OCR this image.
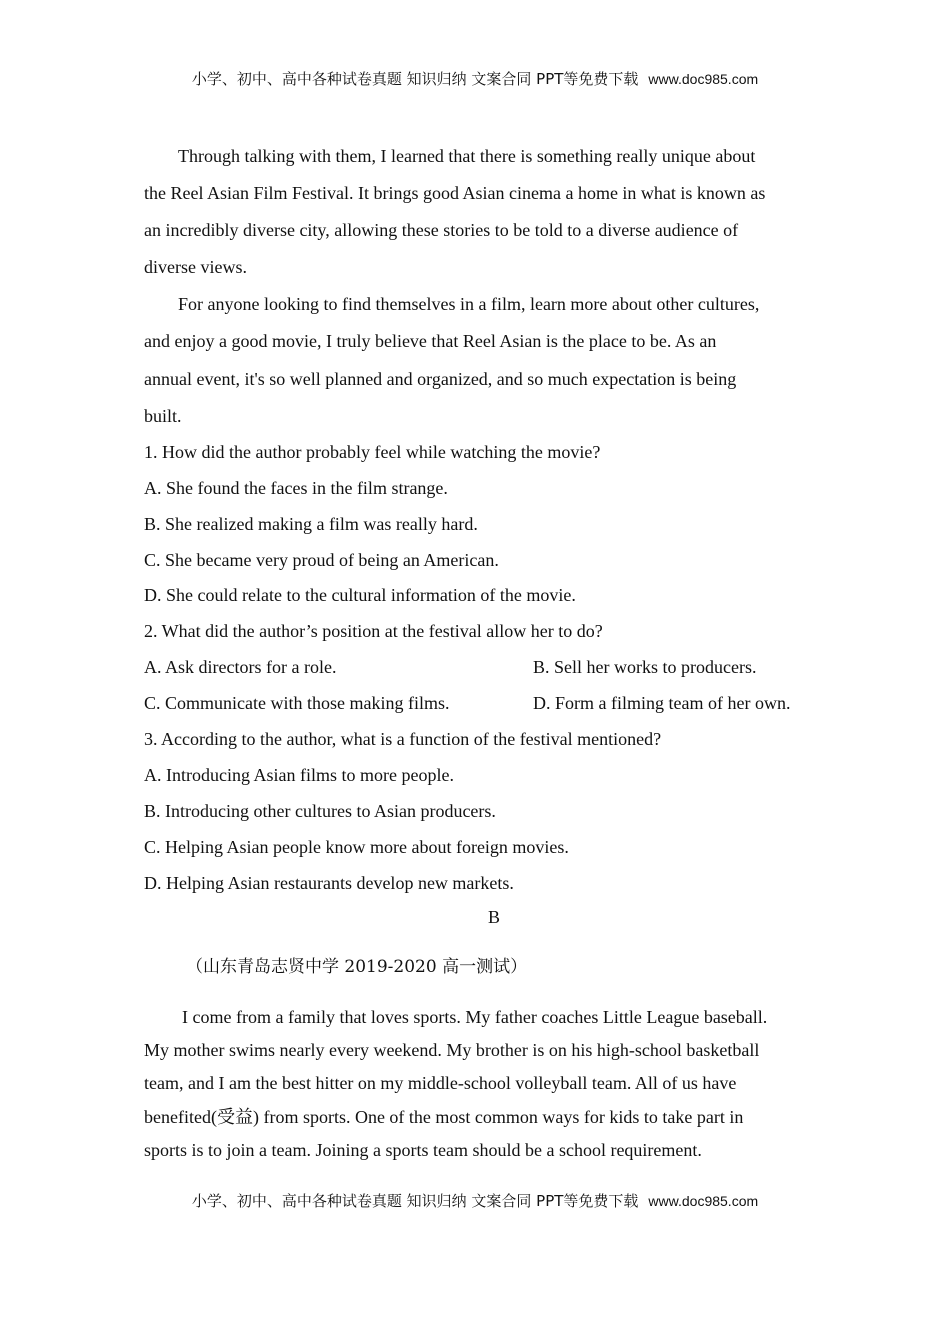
小学、初中、高中各种试卷真题 知识归纳 文案合同 PPT等免费下载 www.doc985.com
Through talking with them, I learned that there is something really unique about
the Reel Asian Film Festival. It brings good Asian cinema a home in what is known as
an incredibly diverse city, allowing these stories to be told to a diverse audience of
diverse views.
For anyone looking to find themselves in a film, learn more about other cultures,
and enjoy a good movie, I truly believe that Reel Asian is the place to be. As an
annual event, it's so well planned and organized, and so much expectation is being
built.
1. How did the author probably feel while watching the movie?
A. She found the faces in the film strange.
B. She realized making a film was really hard.
C. She became very proud of being an American.
D. She could relate to the cultural information of the movie.
2. What did the author’s position at the festival allow her to do?
A. Ask directors for a role.	B. Sell her works to producers.
C. Communicate with those making films.	D. Form a filming team of her own.
3. According to the author, what is a function of the festival mentioned?
A. Introducing Asian films to more people.
B. Introducing other cultures to Asian producers.
C. Helping Asian people know more about foreign movies.
D. Helping Asian restaurants develop new markets.
B
（山东青岛志贤中学 2019-2020 高一测试）
I come from a family that loves sports. My father coaches Little League baseball.
My mother swims nearly every weekend. My brother is on his high-school basketball
team, and I am the best hitter on my middle-school volleyball team. All of us have
benefited(受益) from sports. One of the most common ways for kids to take part in
sports is to join a team. Joining a sports team should be a school requirement.
小学、初中、高中各种试卷真题 知识归纳 文案合同 PPT等免费下载 www.doc985.com
